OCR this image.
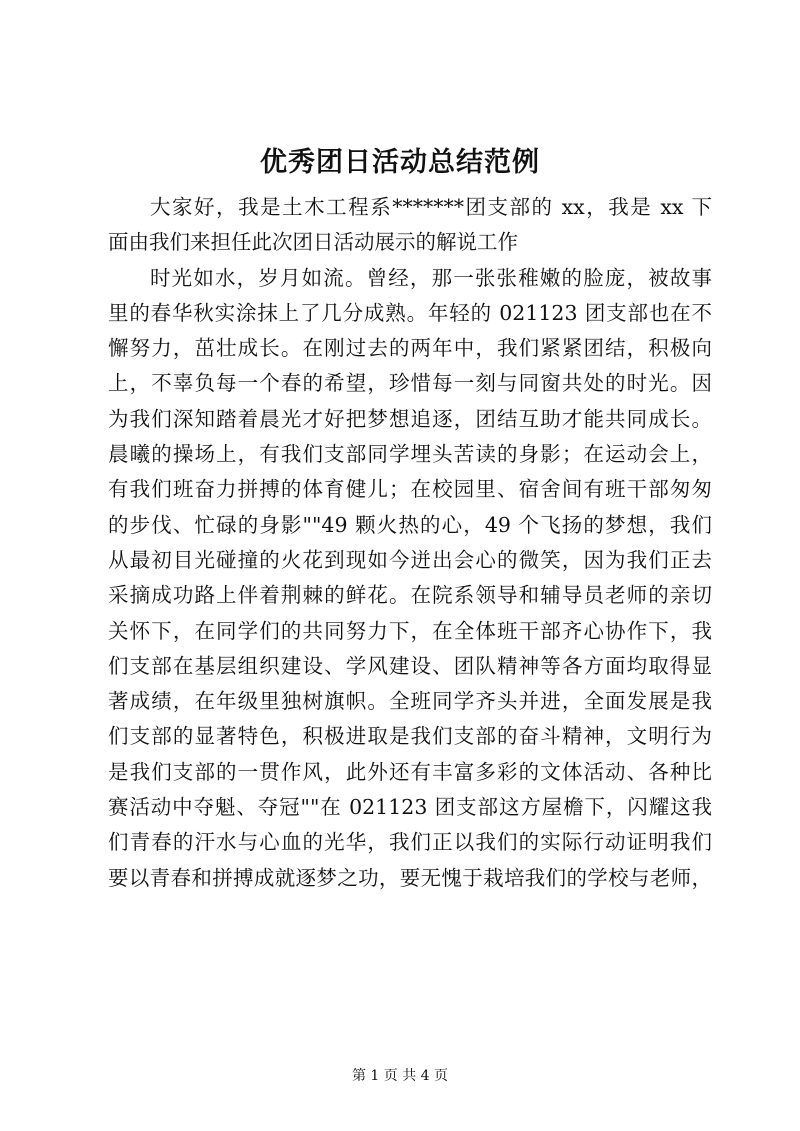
优秀团日活动总结范例
大家好，我是土木工程系*******团支部的 xx，我是 xx 下
面由我们来担任此次团日活动展示的解说工作
时光如水，岁月如流。曾经，那一张张稚嫩的脸庞，被故事
里的春华秋实涂抹上了几分成熟。年轻的 021123 团支部也在不
懈努力，茁壮成长。在刚过去的两年中，我们紧紧团结，积极向
上，不辜负每一个春的希望，珍惜每一刻与同窗共处的时光。因
为我们深知踏着晨光才好把梦想追逐，团结互助才能共同成长。
晨曦的操场上，有我们支部同学埋头苦读的身影；在运动会上，
有我们班奋力拼搏的体育健儿；在校园里、宿舍间有班干部匆匆
的步伐、忙碌的身影""49 颗火热的心，49 个飞扬的梦想，我们
从最初目光碰撞的火花到现如今迸出会心的微笑，因为我们正去
采摘成功路上伴着荆棘的鲜花。在院系领导和辅导员老师的亲切
关怀下，在同学们的共同努力下，在全体班干部齐心协作下，我
们支部在基层组织建设、学风建设、团队精神等各方面均取得显
著成绩，在年级里独树旗帜。全班同学齐头并进，全面发展是我
们支部的显著特色，积极进取是我们支部的奋斗精神，文明行为
是我们支部的一贯作风，此外还有丰富多彩的文体活动、各种比
赛活动中夺魁、夺冠""在 021123 团支部这方屋檐下，闪耀这我
们青春的汗水与心血的光华，我们正以我们的实际行动证明我们
要以青春和拼搏成就逐梦之功，要无愧于栽培我们的学校与老师，
第 1 页 共 4 页
